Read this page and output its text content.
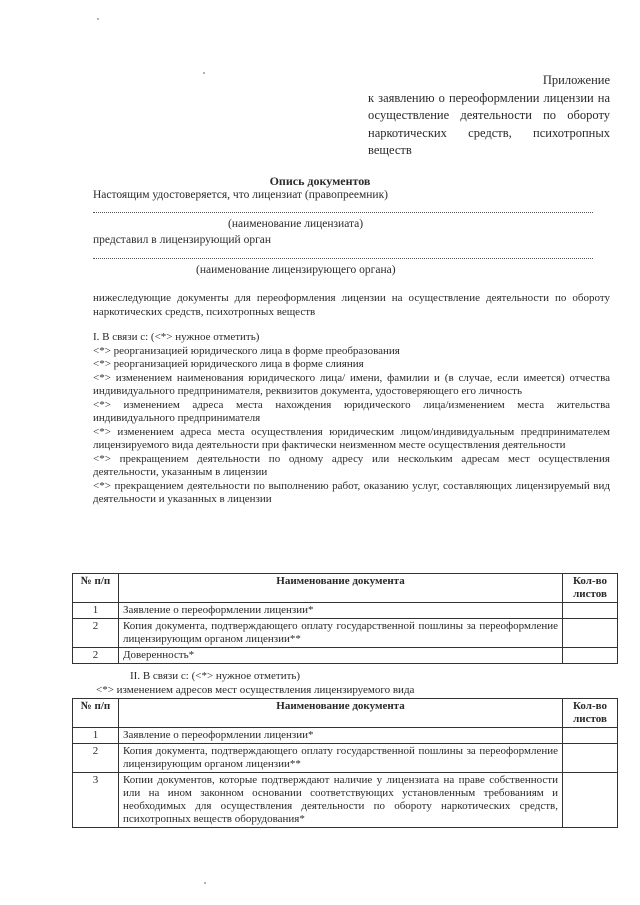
Приложение
к заявлению о переоформлении лицензии на осуществление деятельности по обороту наркотических средств, психотропных веществ
Опись документов
Настоящим удостоверяется, что лицензиат (правопреемник)
(наименование лицензиата)
представил в лицензирующий орган
(наименование лицензирующего органа)

нижеследующие документы для переоформления лицензии на осуществление деятельности по обороту наркотических средств, психотропных веществ

I. В связи с: (<*> нужное отметить)

<*> реорганизацией юридического лица в форме преобразования

<*> реорганизацией юридического лица в форме слияния

<*> изменением наименования юридического лица/ имени, фамилии и (в случае, если имеется) отчества индивидуального предпринимателя, реквизитов документа, удостоверяющего его личность

<*> изменением адреса места нахождения юридического лица/изменением места жительства индивидуального предпринимателя

<*> изменением адреса места осуществления юридическим лицом/индивидуальным предпринимателем лицензируемого вида деятельности при фактически неизменном месте осуществления деятельности

<*> прекращением деятельности по одному адресу или нескольким адресам мест осуществления деятельности, указанным в лицензии

<*> прекращением деятельности по выполнению работ, оказанию услуг, составляющих лицензируемый вид деятельности и указанных в лицензии

№ п/п	Наименование документа	Кол-во листов
1	Заявление о переоформлении лицензии*	
2	Копия документа, подтверждающего оплату государственной пошлины за переоформление лицензирующим органом лицензии**	
2	Доверенность*	
II. В связи с: (<*> нужное отметить)
<*> изменением адресов мест осуществления лицензируемого вида
№ п/п	Наименование документа	Кол-во листов
1	Заявление о переоформлении лицензии*	
2	Копия документа, подтверждающего оплату государственной пошлины за переоформление лицензирующим органом лицензии**	
3	Копии документов, которые подтверждают наличие у лицензиата на праве собственности или на ином законном основании соответствующих установленным требованиям и необходимых для осуществления деятельности по обороту наркотических средств, психотропных веществ оборудования*	
